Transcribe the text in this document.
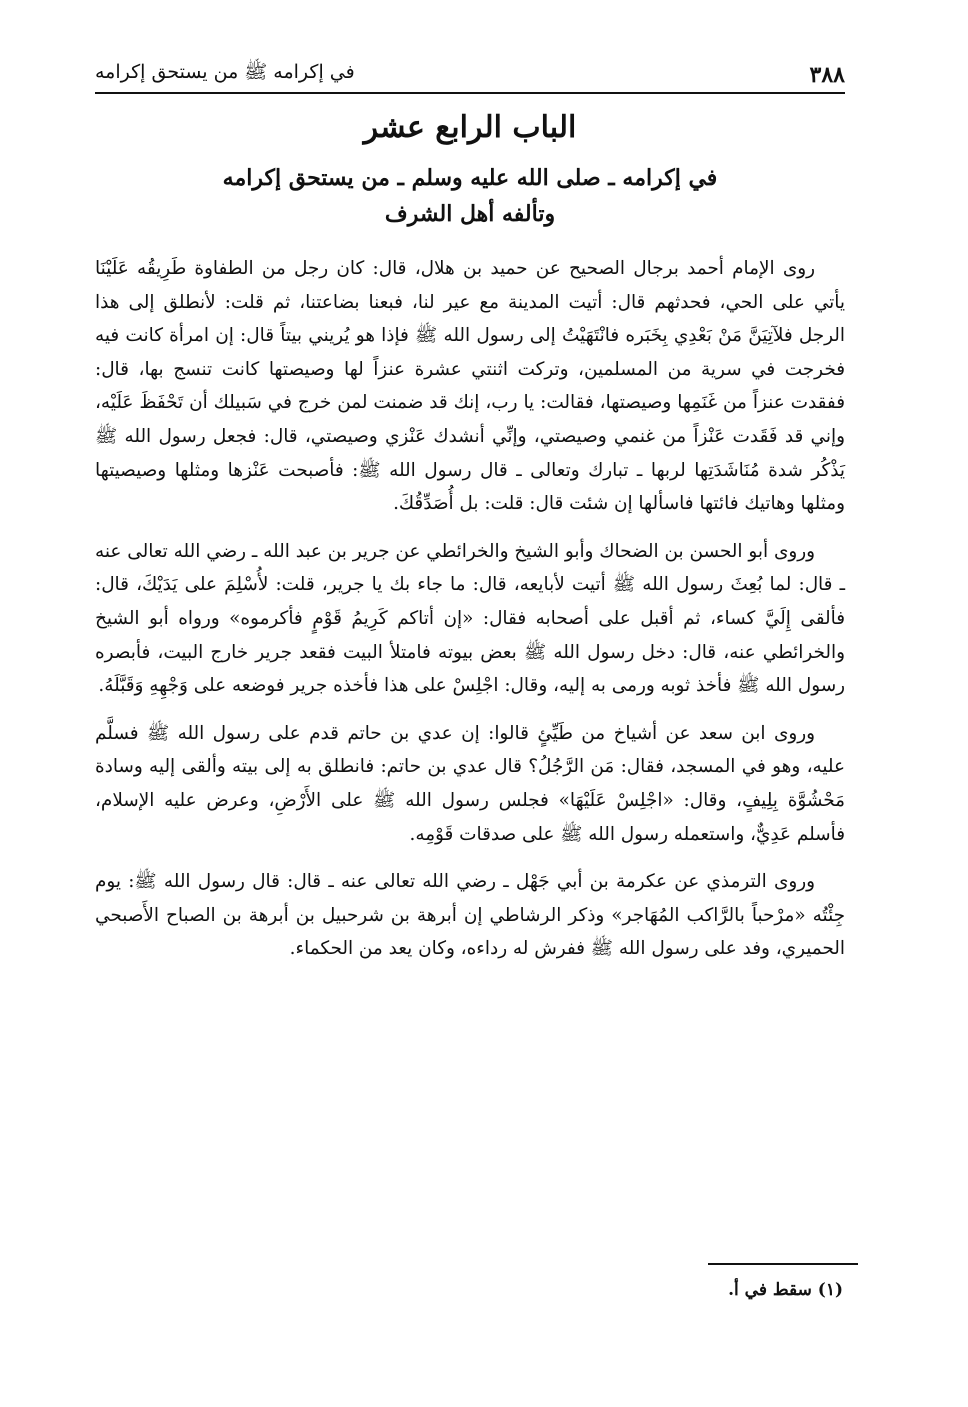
٣٨٨
في إكرامه ﷺ من يستحق إكرامه
الباب الرابع عشر
في إكرامه ـ صلى الله عليه وسلم ـ من يستحق إكرامه
وتألفه أهل الشرف

روى الإمام أحمد برجال الصحيح عن حميد بن هلال، قال: كان رجل من الطفاوة طَرِيقُه عَلَيْنَا يأتي على الحي، فحدثهم قال: أتيت المدينة مع عير لنا، فبعنا بضاعتنا، ثم قلت: لأنطلق إلى هذا الرجل فلآتِيَنَّ مَنْ بَعْدِي بِخَبَره فانْتَهَيْتُ إلى رسول الله ﷺ فإذا هو يُريني بيتاً قال: إن امرأة كانت فيه فخرجت في سرية من المسلمين، وتركت اثنتي عشرة عنزاً لها وصيصتها كانت تنسج بها، قال: ففقدت عنزاً من غَنَمِها وصيصتها، فقالت: يا رب، إنك قد ضمنت لمن خرج في سَبيلك أن تَحْفَظَ عَلَيْه، وإني قد فَقَدت عَنْزاً من غنمي وصيصتي، وإنِّي أنشدك عَنْزي وصيصتي، قال: فجعل رسول الله ﷺ يَذْكُر شدة مُنَاشَدَتِها لربها ـ تبارك وتعالى ـ قال رسول الله ﷺ: فأصبحت عَنْزها ومثلها وصيصيتها ومثلها وهاتيك فائتها فاسألها إن شئت قال: قلت: بل أُصَدِّقُكَ.

وروى أبو الحسن بن الضحاك وأبو الشيخ والخرائطي عن جرير بن عبد الله ـ رضي الله تعالى عنه ـ قال: لما بُعِثَ رسول الله ﷺ أتيت لأبايعه، قال: ما جاء بك يا جرير، قلت: لأُسْلِمَ على يَدَيْكَ، قال: فألقى إِلَيَّ كساء، ثم أقبل على أصحابه فقال: «إن أتاكم كَرِيمُ قَوْمٍ فأكرموه» ورواه أبو الشيخ والخرائطي عنه، قال: دخل رسول الله ﷺ بعض بيوته فامتلأ البيت فقعد جرير خارج البيت، فأبصره رسول الله ﷺ فأخذ ثوبه ورمى به إليه، وقال: اجْلِسْ على هذا فأخذه جرير فوضعه على وَجْهِهِ وَقَبَّلَهُ.

وروى ابن سعد عن أشياخ من طَيِّئٍ قالوا: إن عدي بن حاتم قدم على رسول الله ﷺ فسلَّم عليه، وهو في المسجد، فقال: مَن الرَّجُلُ؟ قال عدي بن حاتم: فانطلق به إلى بيته وألقى إليه وسادة مَحْشُوَّة بِلِيفٍ، وقال: «اجْلِسْ عَلَيْهَا» فجلس رسول الله ﷺ على الأَرْضِ، وعرض عليه الإسلام، فأسلم عَدِيٌّ، واستعمله رسول الله ﷺ على صدقات قَوْمِه.

وروى الترمذي عن عكرمة بن أبي جَهْل ـ رضي الله تعالى عنه ـ قال: قال رسول الله ﷺ: يوم جِئْتُه «مرْحباً بالرَّاكب المُهَاجر» وذكر الرشاطي إن أبرهة بن شرحبيل بن أبرهة بن الصباح الأَصبحي الحميري، وفد على رسول الله ﷺ ففرش له رداءه، وكان يعد من الحكماء.

(١) سقط في أ.
